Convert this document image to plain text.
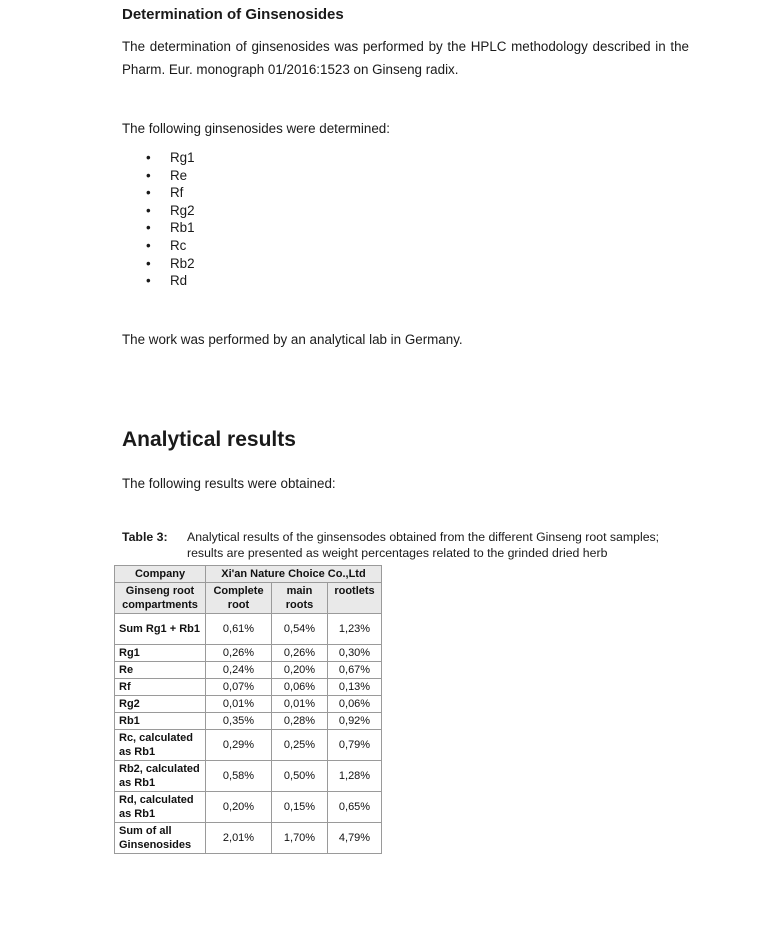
Determination of Ginsenosides
The determination of ginsenosides was performed by the HPLC methodology described in the Pharm. Eur. monograph 01/2016:1523 on Ginseng radix.
The following ginsenosides were determined:
• Rg1
• Re
• Rf
• Rg2
• Rb1
• Rc
• Rb2
• Rd
The work was performed by an analytical lab in Germany.
Analytical results
The following results were obtained:
Table 3: Analytical results of the ginsensodes obtained from the different Ginseng root samples; results are presented as weight percentages related to the grinded dried herb
Company	Xi'an Nature Choice Co.,Ltd		
Ginseng root compartments	Complete root	main roots	rootlets
Sum Rg1 + Rb1	0,61%	0,54%	1,23%
Rg1	0,26%	0,26%	0,30%
Re	0,24%	0,20%	0,67%
Rf	0,07%	0,06%	0,13%
Rg2	0,01%	0,01%	0,06%
Rb1	0,35%	0,28%	0,92%
Rc, calculated as Rb1	0,29%	0,25%	0,79%
Rb2, calculated as Rb1	0,58%	0,50%	1,28%
Rd, calculated as Rb1	0,20%	0,15%	0,65%
Sum of all Ginsenosides	2,01%	1,70%	4,79%
